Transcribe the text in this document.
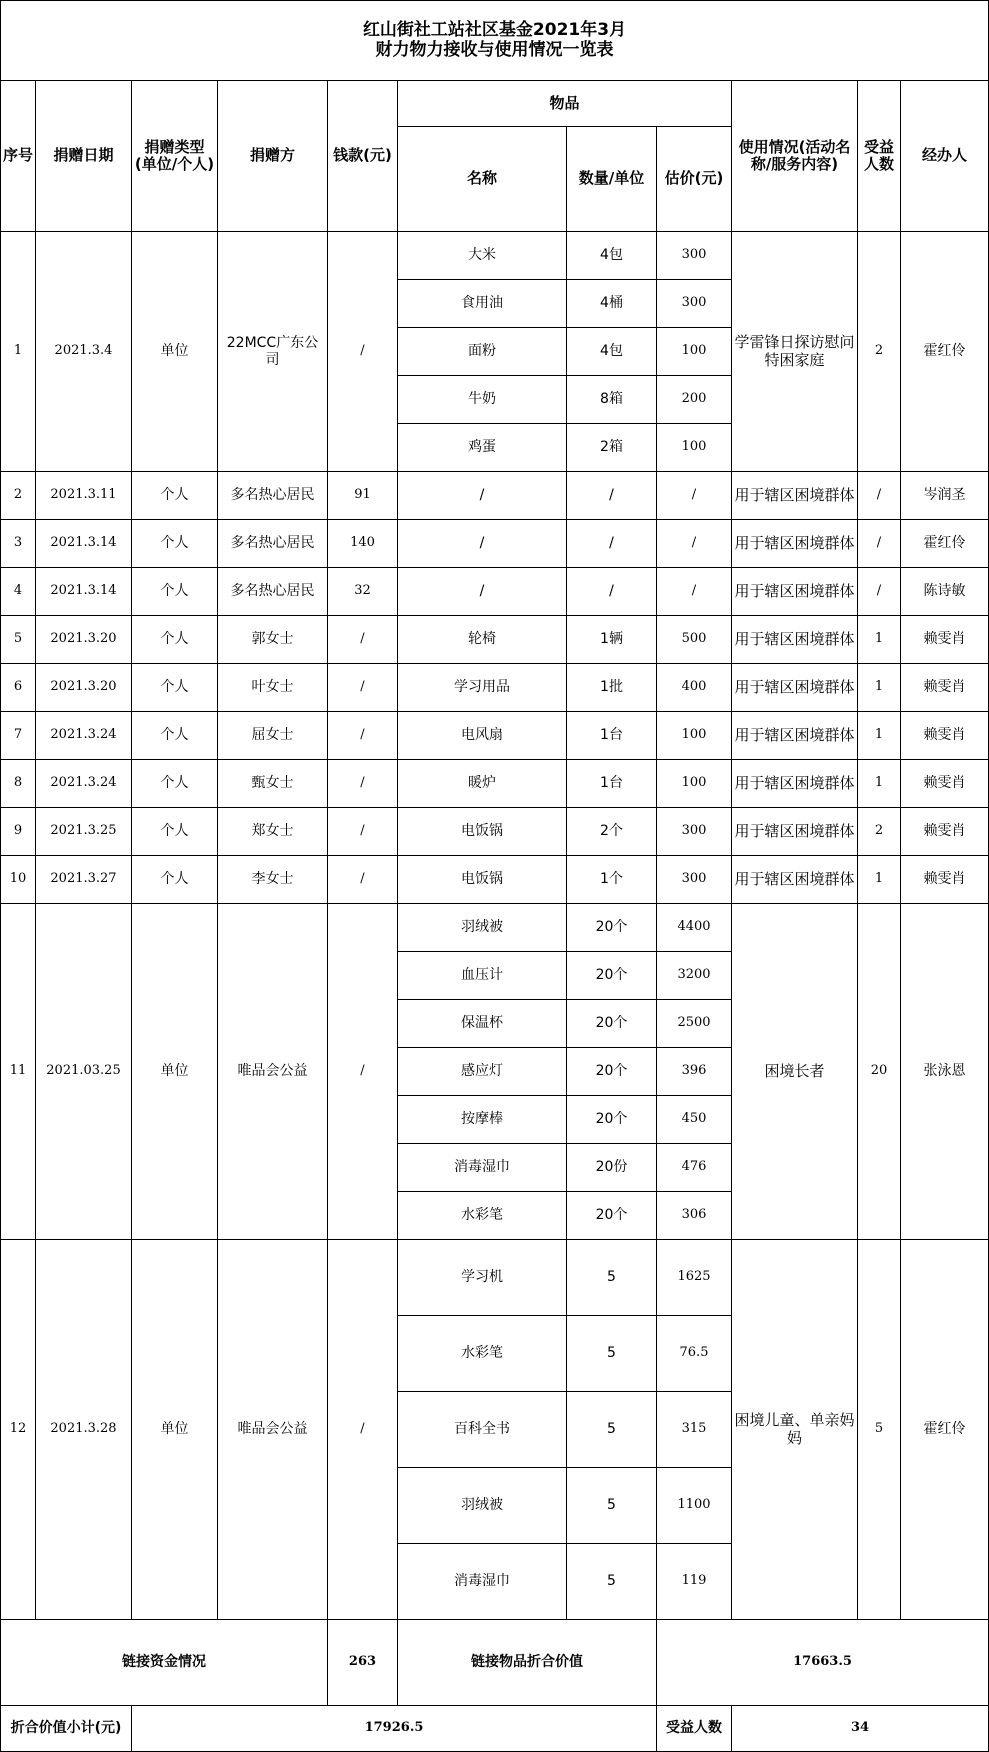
红山街社工站社区基金2021年3月
财力物力接收与使用情况一览表										

序号	捐赠日期	捐赠类型(单位/个人)	捐赠方	钱款(元)	物品			使用情况(活动名称/服务内容)	受益人数	经办人
					名称	数量/单位	估价(元)			
1	2021.3.4	单位	22MCC广东公司	/	大米	4包	300	学雷锋日探访慰问特困家庭	2	霍红伶
					食用油	4桶	300			
					面粉	4包	100			
					牛奶	8箱	200			
					鸡蛋	2箱	100			
2	2021.3.11	个人	多名热心居民	91	/	/	/	用于辖区困境群体	/	岑润圣
3	2021.3.14	个人	多名热心居民	140	/	/	/	用于辖区困境群体	/	霍红伶
4	2021.3.14	个人	多名热心居民	32	/	/	/	用于辖区困境群体	/	陈诗敏
5	2021.3.20	个人	郭女士	/	轮椅	1辆	500	用于辖区困境群体	1	赖雯肖
6	2021.3.20	个人	叶女士	/	学习用品	1批	400	用于辖区困境群体	1	赖雯肖
7	2021.3.24	个人	屈女士	/	电风扇	1台	100	用于辖区困境群体	1	赖雯肖
8	2021.3.24	个人	甄女士	/	暖炉	1台	100	用于辖区困境群体	1	赖雯肖
9	2021.3.25	个人	郑女士	/	电饭锅	2个	300	用于辖区困境群体	2	赖雯肖
10	2021.3.27	个人	李女士	/	电饭锅	1个	300	用于辖区困境群体	1	赖雯肖
11	2021.03.25	单位	唯品会公益	/	羽绒被	20个	4400	困境长者	20	张泳恩
					血压计	20个	3200			
					保温杯	20个	2500			
					感应灯	20个	396			
					按摩棒	20个	450			
					消毒湿巾	20份	476			
					水彩笔	20个	306			
12	2021.3.28	单位	唯品会公益	/	学习机	5	1625	困境儿童、单亲妈妈	5	霍红伶
					水彩笔	5	76.5			
					百科全书	5	315			
					羽绒被	5	1100			
					消毒湿巾	5	119			
链接资金情况				263	链接物品折合价值		17663.5			
折合价值小计(元)		17926.5					受益人数	34		
